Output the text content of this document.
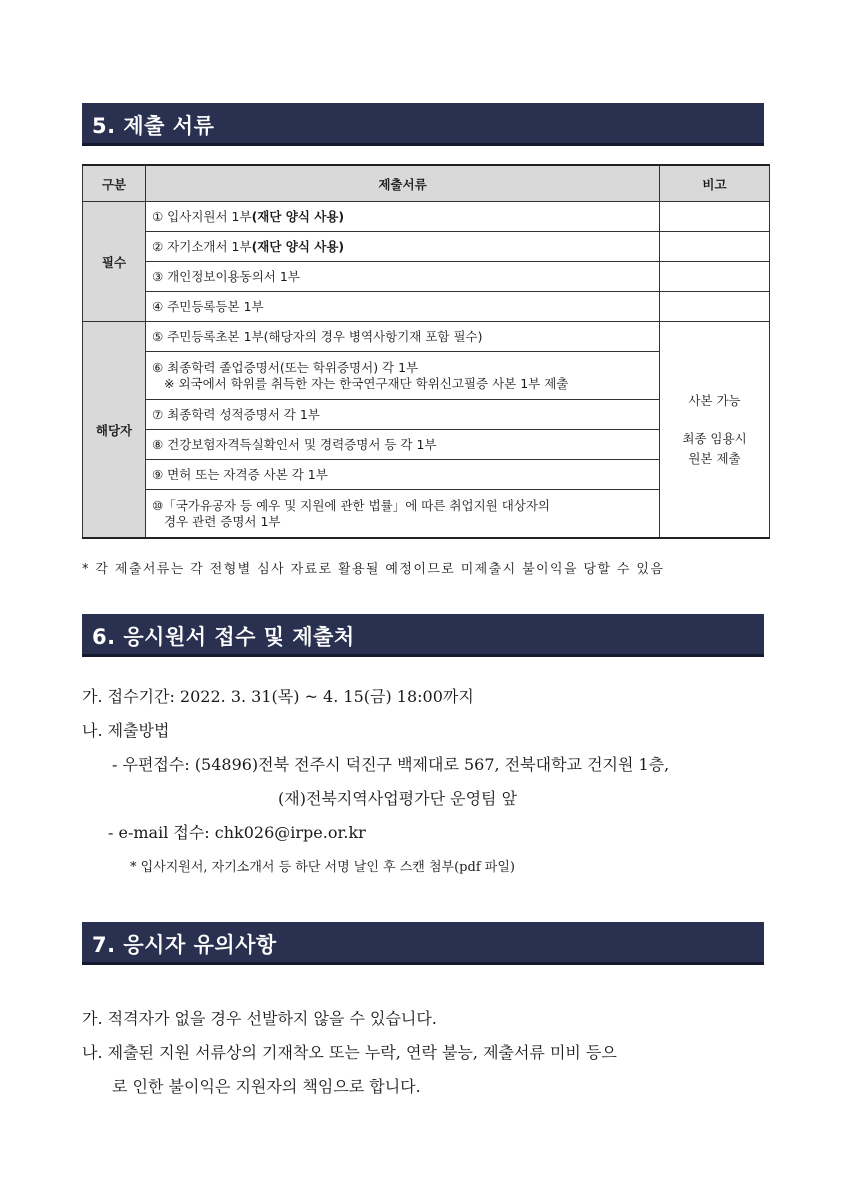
5. 제출 서류
구분	제출서류	비고
필수	① 입사지원서 1부(재단 양식 사용)	
	② 자기소개서 1부(재단 양식 사용)	
	③ 개인정보이용동의서 1부	
	④ 주민등록등본 1부	
해당자	⑤ 주민등록초본 1부(해당자의 경우 병역사항기재 포함 필수)	사본 가능
최종 임용시
원본 제출

	⑥ 최종학력 졸업증명서(또는 학위증명서) 각 1부
※ 외국에서 학위를 취득한 자는 한국연구재단 학위신고필증 사본 1부 제출	

	⑦ 최종학력 성적증명서 각 1부	
	⑧ 건강보험자격득실확인서 및 경력증명서 등 각 1부	
	⑨ 면허 또는 자격증 사본 각 1부	
	⑩「국가유공자 등 예우 및 지원에 관한 법률」에 따른 취업지원 대상자의
경우 관련 증명서 1부	
* 각 제출서류는 각 전형별 심사 자료로 활용될 예정이므로 미제출시 불이익을 당할 수 있음
6. 응시원서 접수 및 제출처
가. 접수기간: 2022. 3. 31(목) ~ 4. 15(금) 18:00까지
나. 제출방법
- 우편접수: (54896)전북 전주시 덕진구 백제대로 567, 전북대학교 건지원 1층,
(재)전북지역사업평가단 운영팀 앞
- e-mail 접수: chk026@irpe.or.kr
* 입사지원서, 자기소개서 등 하단 서명 날인 후 스캔 첨부(pdf 파일)
7. 응시자 유의사항
가. 적격자가 없을 경우 선발하지 않을 수 있습니다.
나. 제출된 지원 서류상의 기재착오 또는 누락, 연락 불능, 제출서류 미비 등으
로 인한 불이익은 지원자의 책임으로 합니다.
